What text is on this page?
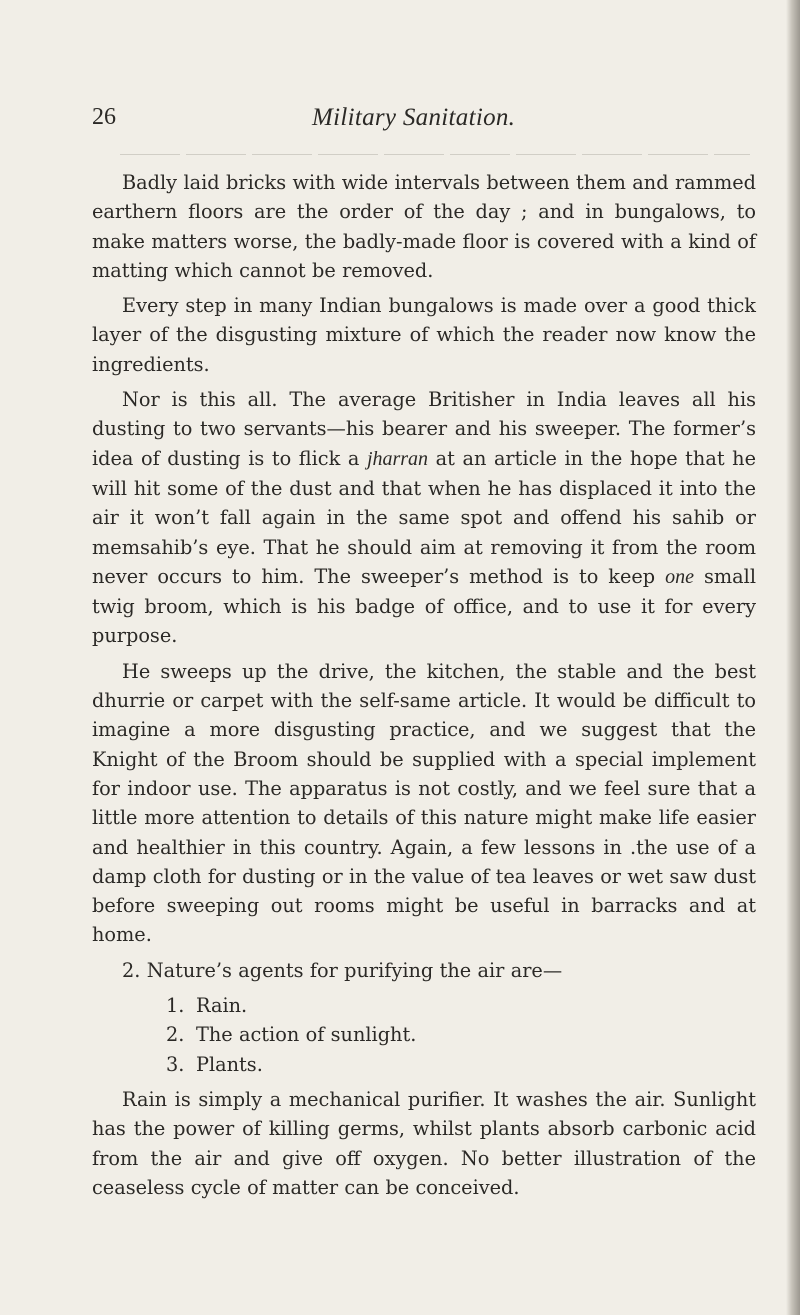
26	Military Sanitation.

Badly laid bricks with wide intervals between them and rammed earthern floors are the order of the day ; and in bungalows, to make matters worse, the badly-made floor is covered with a kind of matting which cannot be removed.

Every step in many Indian bungalows is made over a good thick layer of the disgusting mixture of which the reader now know the ingredients.

Nor is this all. The average Britisher in India leaves all his dusting to two servants—his bearer and his sweeper. The former’s idea of dusting is to flick a jharran at an article in the hope that he will hit some of the dust and that when he has displaced it into the air it won’t fall again in the same spot and offend his sahib or memsahib’s eye. That he should aim at removing it from the room never occurs to him. The sweeper’s method is to keep one small twig broom, which is his badge of office, and to use it for every purpose.

He sweeps up the drive, the kitchen, the stable and the best dhurrie or carpet with the self-same article. It would be difficult to imagine a more disgusting practice, and we suggest that the Knight of the Broom should be supplied with a special implement for indoor use. The apparatus is not costly, and we feel sure that a little more attention to details of this nature might make life easier and healthier in this country. Again, a few lessons in .the use of a damp cloth for dusting or in the value of tea leaves or wet saw dust before sweeping out rooms might be useful in barracks and at home.

2. Nature’s agents for purifying the air are—

1. Rain.
2. The action of sunlight.
3. Plants.

Rain is simply a mechanical purifier. It washes the air. Sunlight has the power of killing germs, whilst plants absorb carbonic acid from the air and give off oxygen. No better illustration of the ceaseless cycle of matter can be conceived.
